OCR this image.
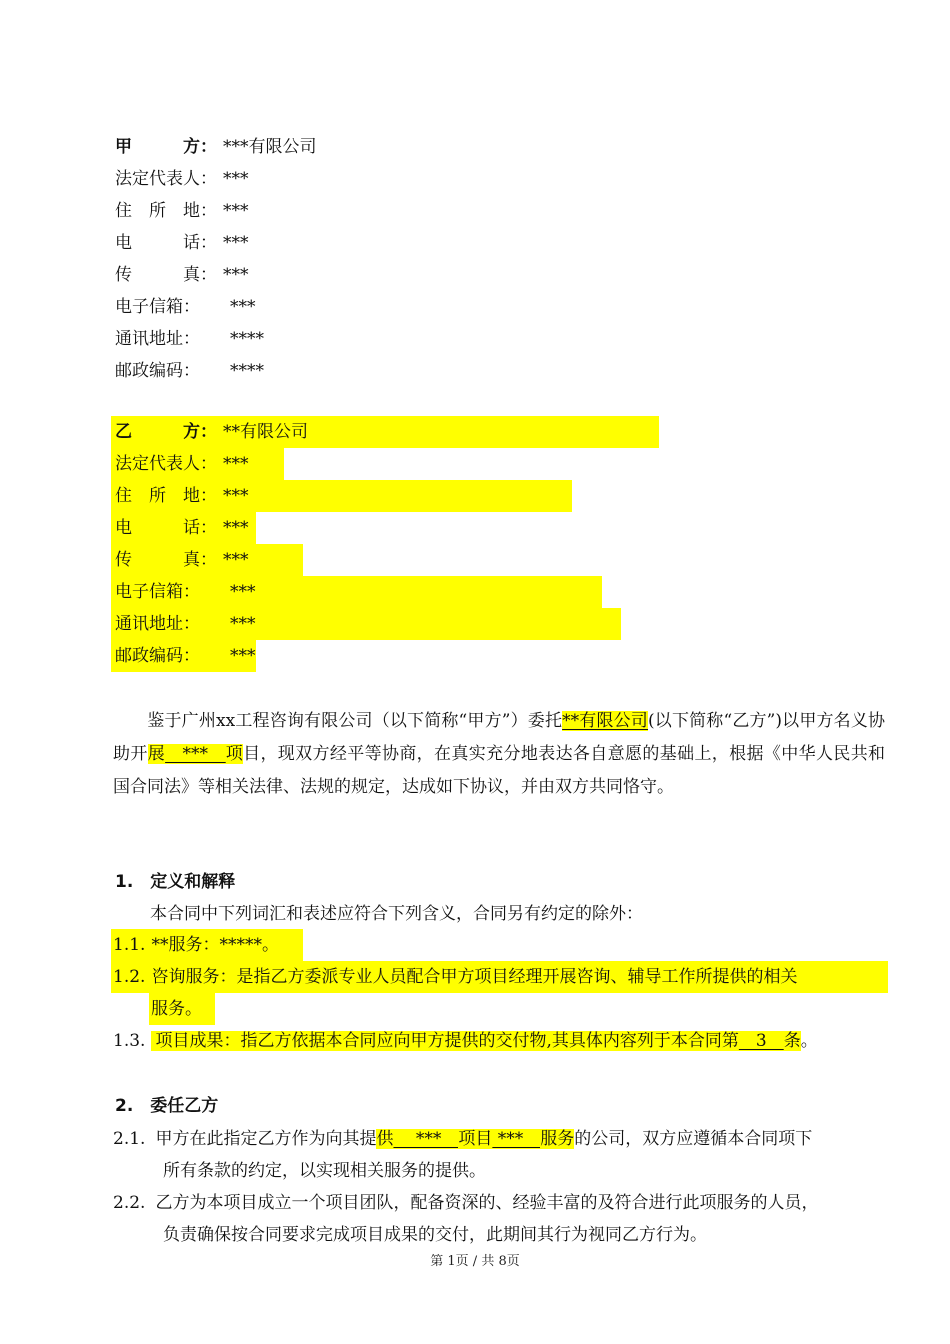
甲　　　方： ***有限公司
法定代表人： ***
住　所　地： ***
电　　　话： ***
传　　　真： ***
电子信箱： ***
通讯地址： ****
邮政编码： ****
乙　　　方： **有限公司
法定代表人： ***
住　所　地： ***
电　　　话： ***
传　　　真： ***
电子信箱： ***
通讯地址： ***
邮政编码： ***
　　鉴于广州xx工程咨询有限公司（以下简称“甲方”）委托**有限公司(以下简称“乙方”)以甲方名义协助开展　***　项目，现双方经平等协商，在真实充分地表达各自意愿的基础上，根据《中华人民共和国合同法》等相关法律、法规的规定，达成如下协议，并由双方共同恪守。
1.　定义和解释
本合同中下列词汇和表述应符合下列含义，合同另有约定的除外：
1.1. **服务：*****。
1.2. 咨询服务：是指乙方委派专业人员配合甲方项目经理开展咨询、辅导工作所提供的相关
服务。
1.3. 项目成果：指乙方依据本合同应向甲方提供的交付物,其具体内容列于本合同第　3　条。
2.　委任乙方
2.1. 甲方在此指定乙方作为向其提供　 ***　项目 ***　服务的公司，双方应遵循本合同项下
所有条款的约定，以实现相关服务的提供。
2.2. 乙方为本项目成立一个项目团队，配备资深的、经验丰富的及符合进行此项服务的人员，
负责确保按合同要求完成项目成果的交付，此期间其行为视同乙方行为。
第 1页 / 共 8页
